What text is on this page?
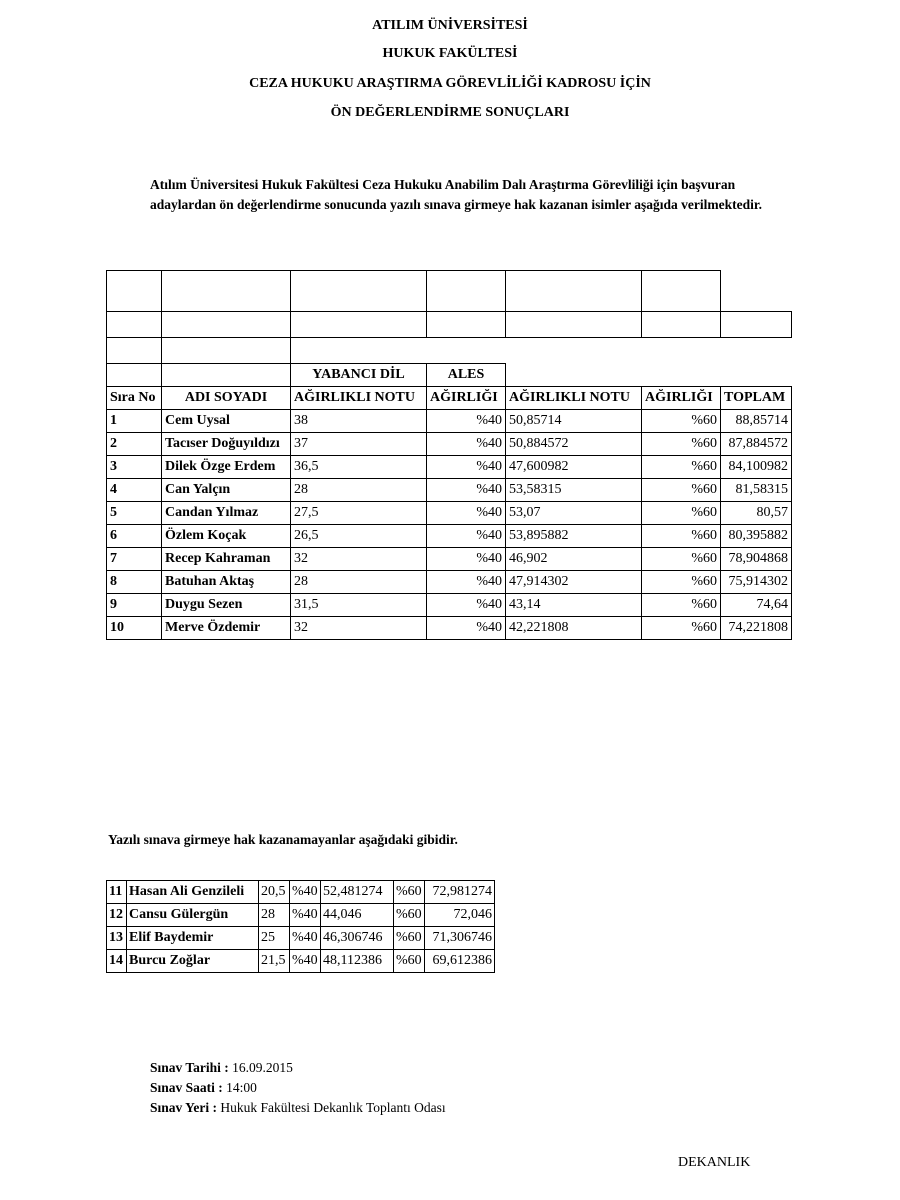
ATILIM ÜNİVERSİTESİ
HUKUK FAKÜLTESİ
CEZA HUKUKU ARAŞTIRMA GÖREVLİLİĞİ KADROSU İÇİN
ÖN DEĞERLENDİRME SONUÇLARI
Atılım Üniversitesi Hukuk Fakültesi Ceza Hukuku Anabilim Dalı Araştırma Görevliliği için başvuran adaylardan ön değerlendirme sonucunda yazılı sınava girmeye hak kazanan isimler aşağıda verilmektedir.

		YABANCI DİL	ALES			
Sıra No	ADI SOYADI	AĞIRLIKLI NOTU	AĞIRLIĞI	AĞIRLIKLI NOTU	AĞIRLIĞI	TOPLAM
1	Cem Uysal	38	%40	50,85714	%60	88,85714
2	Tacıser Doğuyıldızı	37	%40	50,884572	%60	87,884572
3	Dilek Özge Erdem	36,5	%40	47,600982	%60	84,100982
4	Can Yalçın	28	%40	53,58315	%60	81,58315
5	Candan Yılmaz	27,5	%40	53,07	%60	80,57
6	Özlem Koçak	26,5	%40	53,895882	%60	80,395882
7	Recep Kahraman	32	%40	46,902	%60	78,904868
8	Batuhan Aktaş	28	%40	47,914302	%60	75,914302
9	Duygu Sezen	31,5	%40	43,14	%60	74,64
10	Merve Özdemir	32	%40	42,221808	%60	74,221808
Yazılı sınava girmeye hak kazanamayanlar aşağıdaki gibidir.
11	Hasan Ali Genzileli	20,5	%40	52,481274	%60	72,981274
12	Cansu Gülergün	28	%40	44,046	%60	72,046
13	Elif Baydemir	25	%40	46,306746	%60	71,306746
14	Burcu Zoğlar	21,5	%40	48,112386	%60	69,612386
Sınav Tarihi : 16.09.2015
Sınav Saati : 14:00
Sınav Yeri : Hukuk Fakültesi Dekanlık Toplantı Odası
DEKANLIK
